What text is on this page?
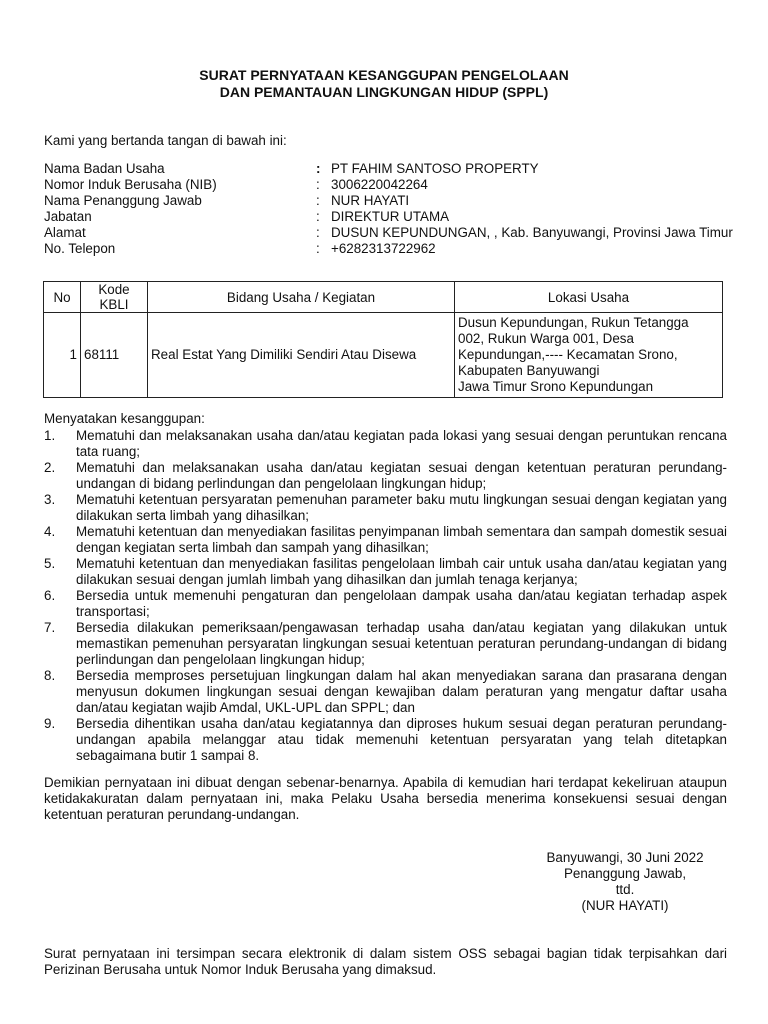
SURAT PERNYATAAN KESANGGUPAN PENGELOLAAN
DAN PEMANTAUAN LINGKUNGAN HIDUP (SPPL)
Kami yang bertanda tangan di bawah ini:
Nama Badan Usaha	: PT FAHIM SANTOSO PROPERTY
Nomor Induk Berusaha (NIB)	: 3006220042264
Nama Penanggung Jawab	: NUR HAYATI
Jabatan	: DIREKTUR UTAMA
Alamat	: DUSUN KEPUNDUNGAN, , Kab. Banyuwangi, Provinsi Jawa Timur
No. Telepon	: +6282313722962
No	Kode KBLI	Bidang Usaha / Kegiatan	Lokasi Usaha
1	68111	Real Estat Yang Dimiliki Sendiri Atau Disewa	Dusun Kepundungan, Rukun Tetangga
002, Rukun Warga 001, Desa
Kepundungan,---- Kecamatan Srono,
Kabupaten Banyuwangi
Jawa Timur Srono Kepundungan
Menyatakan kesanggupan:
1. Mematuhi dan melaksanakan usaha dan/atau kegiatan pada lokasi yang sesuai dengan peruntukan rencana tata ruang;
2. Mematuhi dan melaksanakan usaha dan/atau kegiatan sesuai dengan ketentuan peraturan perundang-undangan di bidang perlindungan dan pengelolaan lingkungan hidup;
3. Mematuhi ketentuan persyaratan pemenuhan parameter baku mutu lingkungan sesuai dengan kegiatan yang dilakukan serta limbah yang dihasilkan;
4. Mematuhi ketentuan dan menyediakan fasilitas penyimpanan limbah sementara dan sampah domestik sesuai dengan kegiatan serta limbah dan sampah yang dihasilkan;
5. Mematuhi ketentuan dan menyediakan fasilitas pengelolaan limbah cair untuk usaha dan/atau kegiatan yang dilakukan sesuai dengan jumlah limbah yang dihasilkan dan jumlah tenaga kerjanya;
6. Bersedia untuk memenuhi pengaturan dan pengelolaan dampak usaha dan/atau kegiatan terhadap aspek transportasi;
7. Bersedia dilakukan pemeriksaan/pengawasan terhadap usaha dan/atau kegiatan yang dilakukan untuk memastikan pemenuhan persyaratan lingkungan sesuai ketentuan peraturan perundang-undangan di bidang perlindungan dan pengelolaan lingkungan hidup;
8. Bersedia memproses persetujuan lingkungan dalam hal akan menyediakan sarana dan prasarana dengan menyusun dokumen lingkungan sesuai dengan kewajiban dalam peraturan yang mengatur daftar usaha dan/atau kegiatan wajib Amdal, UKL-UPL dan SPPL; dan
9. Bersedia dihentikan usaha dan/atau kegiatannya dan diproses hukum sesuai degan peraturan perundang-undangan apabila melanggar atau tidak memenuhi ketentuan persyaratan yang telah ditetapkan sebagaimana butir 1 sampai 8.
Demikian pernyataan ini dibuat dengan sebenar-benarnya. Apabila di kemudian hari terdapat kekeliruan ataupun ketidakakuratan dalam pernyataan ini, maka Pelaku Usaha bersedia menerima konsekuensi sesuai dengan ketentuan peraturan perundang-undangan.
Banyuwangi, 30 Juni 2022
Penanggung Jawab,
ttd.
(NUR HAYATI)
Surat pernyataan ini tersimpan secara elektronik di dalam sistem OSS sebagai bagian tidak terpisahkan dari Perizinan Berusaha untuk Nomor Induk Berusaha yang dimaksud.
